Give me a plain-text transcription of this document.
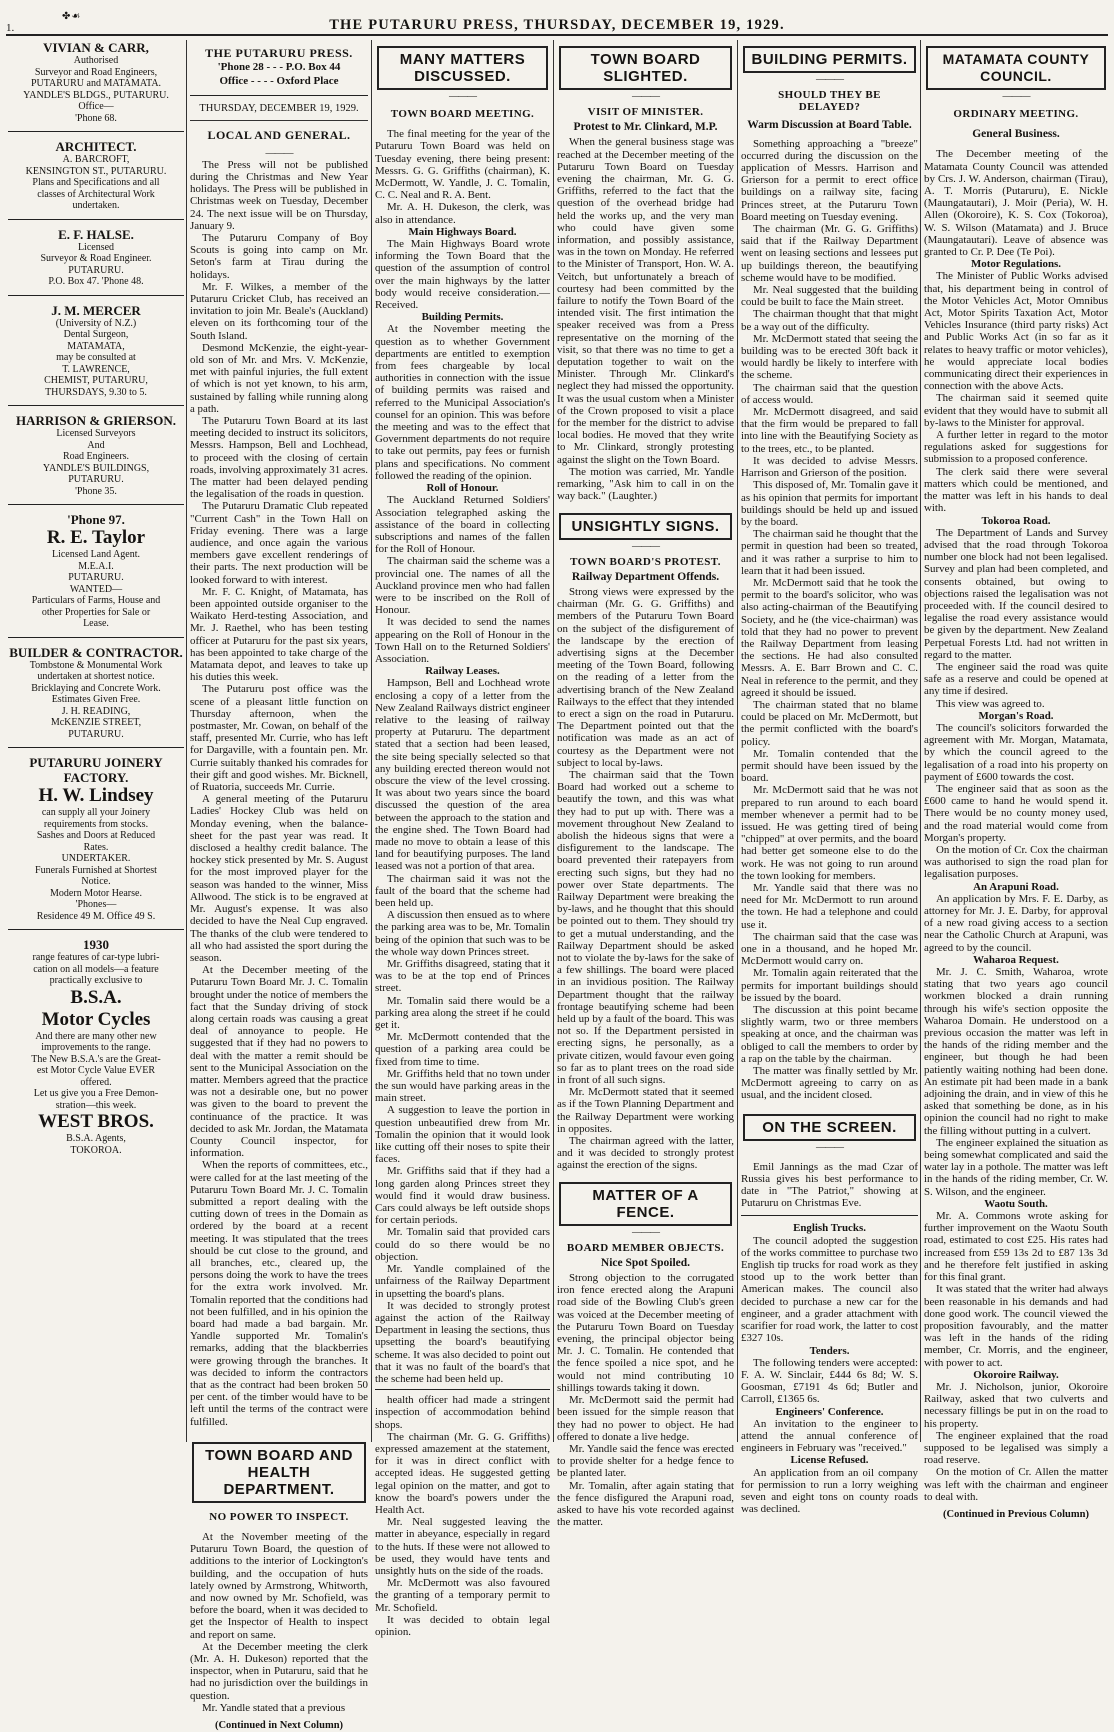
1.
✤☙
THE PUTARURU PRESS, THURSDAY, DECEMBER 19, 1929.
VIVIAN & CARR,
Authorised
Surveyor and Road Engineers,
PUTARURU and MATAMATA.
YANDLE'S BLDGS., PUTARURU.
Office—
'Phone 68.
ARCHITECT.
A. BARCROFT,
KENSINGTON ST., PUTARURU.
Plans and Specifications and all
classes of Architectural Work
undertaken.
E. F. HALSE.
Licensed
Surveyor & Road Engineer.
PUTARURU.
P.O. Box 47. 'Phone 48.
J. M. MERCER
(University of N.Z.)
Dental Surgeon,
MATAMATA,
may be consulted at
T. LAWRENCE,
CHEMIST, PUTARURU,
THURSDAYS, 9.30 to 5.
HARRISON & GRIERSON.
Licensed Surveyors
And
Road Engineers.
YANDLE'S BUILDINGS,
PUTARURU.
'Phone 35.
'Phone 97.
R. E. Taylor
Licensed Land Agent.
M.E.A.I.
PUTARURU.
WANTED—
Particulars of Farms, House and
other Properties for Sale or
Lease.
BUILDER & CONTRACTOR.
Tombstone & Monumental Work
undertaken at shortest notice.
Bricklaying and Concrete Work.
Estimates Given Free.
J. H. READING,
McKENZIE STREET,
PUTARURU.
PUTARURU JOINERY FACTORY.
H. W. Lindsey
can supply all your Joinery
requirements from stocks.
Sashes and Doors at Reduced
Rates.
UNDERTAKER.
Funerals Furnished at Shortest
Notice.
Modern Motor Hearse.
'Phones—
Residence 49 M. Office 49 S.
1930
range features of car-type lubri-
cation on all models—a feature
practically exclusive to
B.S.A.
Motor Cycles
And there are many other new
improvements to the range.
The New B.S.A.'s are the Great-
est Motor Cycle Value EVER
offered.
Let us give you a Free Demon-
stration—this week.
WEST BROS.
B.S.A. Agents,
TOKOROA.
THE PUTARURU PRESS.
'Phone 28 - - - P.O. Box 44
Office - - - - Oxford Place
THURSDAY, DECEMBER 19, 1929.
LOCAL AND GENERAL.
———

The Press will not be published during the Christmas and New Year holidays. The Press will be published in Christmas week on Tuesday, December 24. The next issue will be on Thursday, January 9.

The Putaruru Company of Boy Scouts is going into camp on Mr. Seton's farm at Tirau during the holidays.

Mr. F. Wilkes, a member of the Putaruru Cricket Club, has received an invitation to join Mr. Beale's (Auckland) eleven on its forthcoming tour of the South Island.

Desmond McKenzie, the eight-year-old son of Mr. and Mrs. V. McKenzie, met with painful injuries, the full extent of which is not yet known, to his arm, sustained by falling while running along a path.

The Putaruru Town Board at its last meeting decided to instruct its solicitors, Messrs. Hampson, Bell and Lochhead, to proceed with the closing of certain roads, involving approximately 31 acres. The matter had been delayed pending the legalisation of the roads in question.

The Putaruru Dramatic Club repeated "Current Cash" in the Town Hall on Friday evening. There was a large audience, and once again the various members gave excellent renderings of their parts. The next production will be looked forward to with interest.

Mr. F. C. Knight, of Matamata, has been appointed outside organiser to the Waikato Herd-testing Association, and Mr. J. Raethel, who has been testing officer at Putaruru for the past six years, has been appointed to take charge of the Matamata depot, and leaves to take up his duties this week.

The Putaruru post office was the scene of a pleasant little function on Thursday afternoon, when the postmaster, Mr. Cowan, on behalf of the staff, presented Mr. Currie, who has left for Dargaville, with a fountain pen. Mr. Currie suitably thanked his comrades for their gift and good wishes. Mr. Bicknell, of Ruatoria, succeeds Mr. Currie.

A general meeting of the Putaruru Ladies' Hockey Club was held on Monday evening, when the balance-sheet for the past year was read. It disclosed a healthy credit balance. The hockey stick presented by Mr. S. August for the most improved player for the season was handed to the winner, Miss Allwood. The stick is to be engraved at Mr. August's expense. It was also decided to have the Neal Cup engraved. The thanks of the club were tendered to all who had assisted the sport during the season.

At the December meeting of the Putaruru Town Board Mr. J. C. Tomalin brought under the notice of members the fact that the Sunday driving of stock along certain roads was causing a great deal of annoyance to people. He suggested that if they had no powers to deal with the matter a remit should be sent to the Municipal Association on the matter. Members agreed that the practice was not a desirable one, but no power was given to the board to prevent the continuance of the practice. It was decided to ask Mr. Jordan, the Matamata County Council inspector, for information.

When the reports of committees, etc., were called for at the last meeting of the Putaruru Town Board Mr. J. C. Tomalin submitted a report dealing with the cutting down of trees in the Domain as ordered by the board at a recent meeting. It was stipulated that the trees should be cut close to the ground, and all branches, etc., cleared up, the persons doing the work to have the trees for the extra work involved. Mr. Tomalin reported that the conditions had not been fulfilled, and in his opinion the board had made a bad bargain. Mr. Yandle supported Mr. Tomalin's remarks, adding that the blackberries were growing through the branches. It was decided to inform the contractors that as the contract had been broken 50 per cent. of the timber would have to be left until the terms of the contract were fulfilled.

TOWN BOARD AND
HEALTH DEPARTMENT.
NO POWER TO INSPECT.

At the November meeting of the Putaruru Town Board, the question of additions to the interior of Lockington's building, and the occupation of huts lately owned by Armstrong, Whitworth, and now owned by Mr. Schofield, was before the board, when it was decided to get the Inspector of Health to inspect and report on same.

At the December meeting the clerk (Mr. A. H. Dukeson) reported that the inspector, when in Putaruru, said that he had no jurisdiction over the buildings in question.

Mr. Yandle stated that a previous

(Continued in Next Column)
MANY MATTERS DISCUSSED.
———
TOWN BOARD MEETING.

The final meeting for the year of the Putaruru Town Board was held on Tuesday evening, there being present: Messrs. G. G. Griffiths (chairman), K. McDermott, W. Yandle, J. C. Tomalin, C. C. Neal and R. A. Bent.

Mr. A. H. Dukeson, the clerk, was also in attendance.

Main Highways Board.

The Main Highways Board wrote informing the Town Board that the question of the assumption of control over the main highways by the latter body would receive consideration.—Received.

Building Permits.

At the November meeting the question as to whether Government departments are entitled to exemption from fees chargeable by local authorities in connection with the issue of building permits was raised and referred to the Municipal Association's counsel for an opinion. This was before the meeting and was to the effect that Government departments do not require to take out permits, pay fees or furnish plans and specifications. No comment followed the reading of the opinion.

Roll of Honour.

The Auckland Returned Soldiers' Association telegraphed asking the assistance of the board in collecting subscriptions and names of the fallen for the Roll of Honour.

The chairman said the scheme was a provincial one. The names of all the Auckland province men who had fallen were to be inscribed on the Roll of Honour.

It was decided to send the names appearing on the Roll of Honour in the Town Hall on to the Returned Soldiers' Association.

Railway Leases.

Hampson, Bell and Lochhead wrote enclosing a copy of a letter from the New Zealand Railways district engineer relative to the leasing of railway property at Putaruru. The department stated that a section had been leased, the site being specially selected so that any building erected thereon would not obscure the view of the level crossing. It was about two years since the board discussed the question of the area between the approach to the station and the engine shed. The Town Board had made no move to obtain a lease of this land for beautifying purposes. The land leased was not a portion of that area.

The chairman said it was not the fault of the board that the scheme had been held up.

A discussion then ensued as to where the parking area was to be, Mr. Tomalin being of the opinion that such was to be the whole way down Princes street.

Mr. Griffiths disagreed, stating that it was to be at the top end of Princes street.

Mr. Tomalin said there would be a parking area along the street if he could get it.

Mr. McDermott contended that the question of a parking area could be fixed from time to time.

Mr. Griffiths held that no town under the sun would have parking areas in the main street.

A suggestion to leave the portion in question unbeautified drew from Mr. Tomalin the opinion that it would look like cutting off their noses to spite their faces.

Mr. Griffiths said that if they had a long garden along Princes street they would find it would draw business. Cars could always be left outside shops for certain periods.

Mr. Tomalin said that provided cars could do so there would be no objection.

Mr. Yandle complained of the unfairness of the Railway Department in upsetting the board's plans.

It was decided to strongly protest against the action of the Railway Department in leasing the sections, thus upsetting the board's beautifying scheme. It was also decided to point out that it was no fault of the board's that the scheme had been held up.

health officer had made a stringent inspection of accommodation behind shops.

The chairman (Mr. G. G. Griffiths) expressed amazement at the statement, for it was in direct conflict with accepted ideas. He suggested getting legal opinion on the matter, and got to know the board's powers under the Health Act.

Mr. Neal suggested leaving the matter in abeyance, especially in regard to the huts. If these were not allowed to be used, they would have tents and unsightly huts on the side of the roads.

Mr. McDermott was also favoured the granting of a temporary permit to Mr. Schofield.

It was decided to obtain legal opinion.

TOWN BOARD SLIGHTED.
———
VISIT OF MINISTER.
Protest to Mr. Clinkard, M.P.

When the general business stage was reached at the December meeting of the Putaruru Town Board on Tuesday evening the chairman, Mr. G. G. Griffiths, referred to the fact that the question of the overhead bridge had held the works up, and the very man who could have given some information, and possibly assistance, was in the town on Monday. He referred to the Minister of Transport, Hon. W. A. Veitch, but unfortunately a breach of courtesy had been committed by the failure to notify the Town Board of the intended visit. The first intimation the speaker received was from a Press representative on the morning of the visit, so that there was no time to get a deputation together to wait on the Minister. Through Mr. Clinkard's neglect they had missed the opportunity. It was the usual custom when a Minister of the Crown proposed to visit a place for the member for the district to advise local bodies. He moved that they write to Mr. Clinkard, strongly protesting against the slight on the Town Board.

The motion was carried, Mr. Yandle remarking, "Ask him to call in on the way back." (Laughter.)

UNSIGHTLY SIGNS.
———
TOWN BOARD'S PROTEST.
Railway Department Offends.

Strong views were expressed by the chairman (Mr. G. G. Griffiths) and members of the Putaruru Town Board on the subject of the disfigurement of the landscape by the erection of advertising signs at the December meeting of the Town Board, following on the reading of a letter from the advertising branch of the New Zealand Railways to the effect that they intended to erect a sign on the road in Putaruru. The Department pointed out that the notification was made as an act of courtesy as the Department were not subject to local by-laws.

The chairman said that the Town Board had worked out a scheme to beautify the town, and this was what they had to put up with. There was a movement throughout New Zealand to abolish the hideous signs that were a disfigurement to the landscape. The board prevented their ratepayers from erecting such signs, but they had no power over State departments. The Railway Department were breaking the by-laws, and he thought that this should be pointed out to them. They should try to get a mutual understanding, and the Railway Department should be asked not to violate the by-laws for the sake of a few shillings. The board were placed in an invidious position. The Railway Department thought that the railway frontage beautifying scheme had been held up by a fault of the board. This was not so. If the Department persisted in erecting signs, he personally, as a private citizen, would favour even going so far as to plant trees on the road side in front of all such signs.

Mr. McDermott stated that it seemed as if the Town Planning Department and the Railway Department were working in opposites.

The chairman agreed with the latter, and it was decided to strongly protest against the erection of the signs.

MATTER OF A FENCE.
———
BOARD MEMBER OBJECTS.
Nice Spot Spoiled.

Strong objection to the corrugated iron fence erected along the Arapuni road side of the Bowling Club's green was voiced at the December meeting of the Putaruru Town Board on Tuesday evening, the principal objector being Mr. J. C. Tomalin. He contended that the fence spoiled a nice spot, and he would not mind contributing 10 shillings towards taking it down.

Mr. McDermott said the permit had been issued for the simple reason that they had no power to object. He had offered to donate a live hedge.

Mr. Yandle said the fence was erected to provide shelter for a hedge fence to be planted later.

Mr. Tomalin, after again stating that the fence disfigured the Arapuni road, asked to have his vote recorded against the matter.

BUILDING PERMITS.
———
SHOULD THEY BE
DELAYED?
Warm Discussion at Board Table.

Something approaching a "breeze" occurred during the discussion on the application of Messrs. Harrison and Grierson for a permit to erect office buildings on a railway site, facing Princes street, at the Putaruru Town Board meeting on Tuesday evening.

The chairman (Mr. G. G. Griffiths) said that if the Railway Department went on leasing sections and lessees put up buildings thereon, the beautifying scheme would have to be modified.

Mr. Neal suggested that the building could be built to face the Main street.

The chairman thought that that might be a way out of the difficulty.

Mr. McDermott stated that seeing the building was to be erected 30ft back it would hardly be likely to interfere with the scheme.

The chairman said that the question of access would.

Mr. McDermott disagreed, and said that the firm would be prepared to fall into line with the Beautifying Society as to the trees, etc., to be planted.

It was decided to advise Messrs. Harrison and Grierson of the position.

This disposed of, Mr. Tomalin gave it as his opinion that permits for important buildings should be held up and issued by the board.

The chairman said he thought that the permit in question had been so treated, and it was rather a surprise to him to learn that it had been issued.

Mr. McDermott said that he took the permit to the board's solicitor, who was also acting-chairman of the Beautifying Society, and he (the vice-chairman) was told that they had no power to prevent the Railway Department from leasing the sections. He had also consulted Messrs. A. E. Barr Brown and C. C. Neal in reference to the permit, and they agreed it should be issued.

The chairman stated that no blame could be placed on Mr. McDermott, but the permit conflicted with the board's policy.

Mr. Tomalin contended that the permit should have been issued by the board.

Mr. McDermott said that he was not prepared to run around to each board member whenever a permit had to be issued. He was getting tired of being "chipped" at over permits, and the board had better get someone else to do the work. He was not going to run around the town looking for members.

Mr. Yandle said that there was no need for Mr. McDermott to run around the town. He had a telephone and could use it.

The chairman said that the case was one in a thousand, and he hoped Mr. McDermott would carry on.

Mr. Tomalin again reiterated that the permits for important buildings should be issued by the board.

The discussion at this point became slightly warm, two or three members speaking at once, and the chairman was obliged to call the members to order by a rap on the table by the chairman.

The matter was finally settled by Mr. McDermott agreeing to carry on as usual, and the incident closed.

ON THE SCREEN.
———

Emil Jannings as the mad Czar of Russia gives his best performance to date in "The Patriot," showing at Putaruru on Christmas Eve.

English Trucks.

The council adopted the suggestion of the works committee to purchase two English tip trucks for road work as they stood up to the work better than American makes. The council also decided to purchase a new car for the engineer, and a grader attachment with scarifier for road work, the latter to cost £327 10s.

Tenders.

The following tenders were accepted: F. A. W. Sinclair, £444 6s 8d; W. S. Goosman, £7191 4s 6d; Butler and Carroll, £1365 6s.

Engineers' Conference.

An invitation to the engineer to attend the annual conference of engineers in February was "received."

License Refused.

An application from an oil company for permission to run a lorry weighing seven and eight tons on county roads was declined.

MATAMATA COUNTY COUNCIL.
———
ORDINARY MEETING.
General Business.

The December meeting of the Matamata County Council was attended by Crs. J. W. Anderson, chairman (Tirau), A. T. Morris (Putaruru), E. Nickle (Maungatautari), J. Moir (Peria), W. H. Allen (Okoroire), K. S. Cox (Tokoroa), W. S. Wilson (Matamata) and J. Bruce (Maungatautari). Leave of absence was granted to Cr. P. Dee (Te Poi).

Motor Regulations.

The Minister of Public Works advised that, his department being in control of the Motor Vehicles Act, Motor Omnibus Act, Motor Spirits Taxation Act, Motor Vehicles Insurance (third party risks) Act and Public Works Act (in so far as it relates to heavy traffic or motor vehicles), he would appreciate local bodies communicating direct their experiences in connection with the above Acts.

The chairman said it seemed quite evident that they would have to submit all by-laws to the Minister for approval.

A further letter in regard to the motor regulations asked for suggestions for submission to a proposed conference.

The clerk said there were several matters which could be mentioned, and the matter was left in his hands to deal with.

Tokoroa Road.

The Department of Lands and Survey advised that the road through Tokoroa number one block had not been legalised. Survey and plan had been completed, and consents obtained, but owing to objections raised the legalisation was not proceeded with. If the council desired to legalise the road every assistance would be given by the department. New Zealand Perpetual Forests Ltd. had not written in regard to the matter.

The engineer said the road was quite safe as a reserve and could be opened at any time if desired.

This view was agreed to.

Morgan's Road.

The council's solicitors forwarded the agreement with Mr. Morgan, Matamata, by which the council agreed to the legalisation of a road into his property on payment of £600 towards the cost.

The engineer said that as soon as the £600 came to hand he would spend it. There would be no county money used, and the road material would come from Morgan's property.

On the motion of Cr. Cox the chairman was authorised to sign the road plan for legalisation purposes.

An Arapuni Road.

An application by Mrs. F. E. Darby, as attorney for Mr. J. E. Darby, for approval of a new road giving access to a section near the Catholic Church at Arapuni, was agreed to by the council.

Waharoa Request.

Mr. J. C. Smith, Waharoa, wrote stating that two years ago council workmen blocked a drain running through his wife's section opposite the Waharoa Domain. He understood on a previous occasion the matter was left in the hands of the riding member and the engineer, but though he had been patiently waiting nothing had been done. An estimate pit had been made in a bank adjoining the drain, and in view of this he asked that something be done, as in his opinion the council had no right to make the filling without putting in a culvert.

The engineer explained the situation as being somewhat complicated and said the water lay in a pothole. The matter was left in the hands of the riding member, Cr. W. S. Wilson, and the engineer.

Waotu South.

Mr. A. Commons wrote asking for further improvement on the Waotu South road, estimated to cost £25. His rates had increased from £59 13s 2d to £87 13s 3d and he therefore felt justified in asking for this final grant.

It was stated that the writer had always been reasonable in his demands and had done good work. The council viewed the proposition favourably, and the matter was left in the hands of the riding member, Cr. Morris, and the engineer, with power to act.

Okoroire Railway.

Mr. J. Nicholson, junior, Okoroire Railway, asked that two culverts and necessary fillings be put in on the road to his property.

The engineer explained that the road supposed to be legalised was simply a road reserve.

On the motion of Cr. Allen the matter was left with the chairman and engineer to deal with.

(Continued in Previous Column)
